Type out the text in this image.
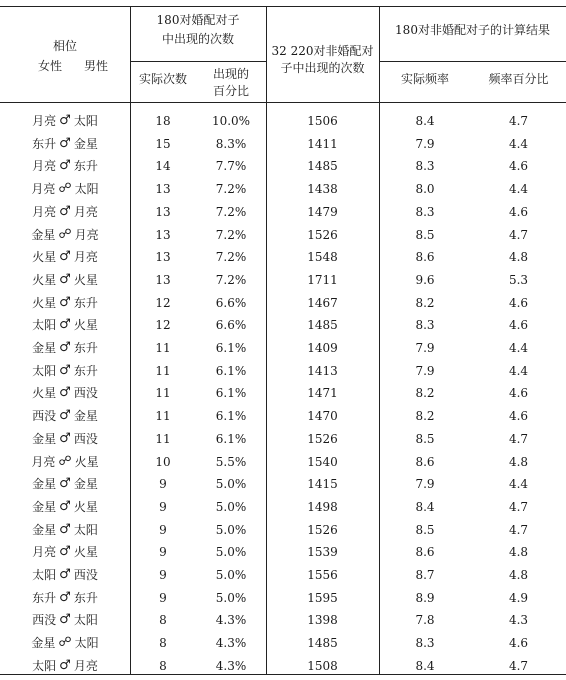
相位
女性 男性
180对婚配对子
中出现的次数
实际次数	出现的
百分比
32 220对非婚配对
子中出现的次数
180对非婚配对子的计算结果
实际频率	频率百分比
月亮 ♂ 太阳	18	10.0%	1506	8.4	4.7
东升 ♂ 金星	15	8.3%	1411	7.9	4.4
月亮 ♂ 东升	14	7.7%	1485	8.3	4.6
月亮 ☍ 太阳	13	7.2%	1438	8.0	4.4
月亮 ♂ 月亮	13	7.2%	1479	8.3	4.6
金星 ☍ 月亮	13	7.2%	1526	8.5	4.7
火星 ♂ 月亮	13	7.2%	1548	8.6	4.8
火星 ♂ 火星	13	7.2%	1711	9.6	5.3
火星 ♂ 东升	12	6.6%	1467	8.2	4.6
太阳 ♂ 火星	12	6.6%	1485	8.3	4.6
金星 ♂ 东升	11	6.1%	1409	7.9	4.4
太阳 ♂ 东升	11	6.1%	1413	7.9	4.4
火星 ♂ 西没	11	6.1%	1471	8.2	4.6
西没 ♂ 金星	11	6.1%	1470	8.2	4.6
金星 ♂ 西没	11	6.1%	1526	8.5	4.7
月亮 ☍ 火星	10	5.5%	1540	8.6	4.8
金星 ♂ 金星	9	5.0%	1415	7.9	4.4
金星 ♂ 火星	9	5.0%	1498	8.4	4.7
金星 ♂ 太阳	9	5.0%	1526	8.5	4.7
月亮 ♂ 火星	9	5.0%	1539	8.6	4.8
太阳 ♂ 西没	9	5.0%	1556	8.7	4.8
东升 ♂ 东升	9	5.0%	1595	8.9	4.9
西没 ♂ 太阳	8	4.3%	1398	7.8	4.3
金星 ☍ 太阳	8	4.3%	1485	8.3	4.6
太阳 ♂ 月亮	8	4.3%	1508	8.4	4.7
